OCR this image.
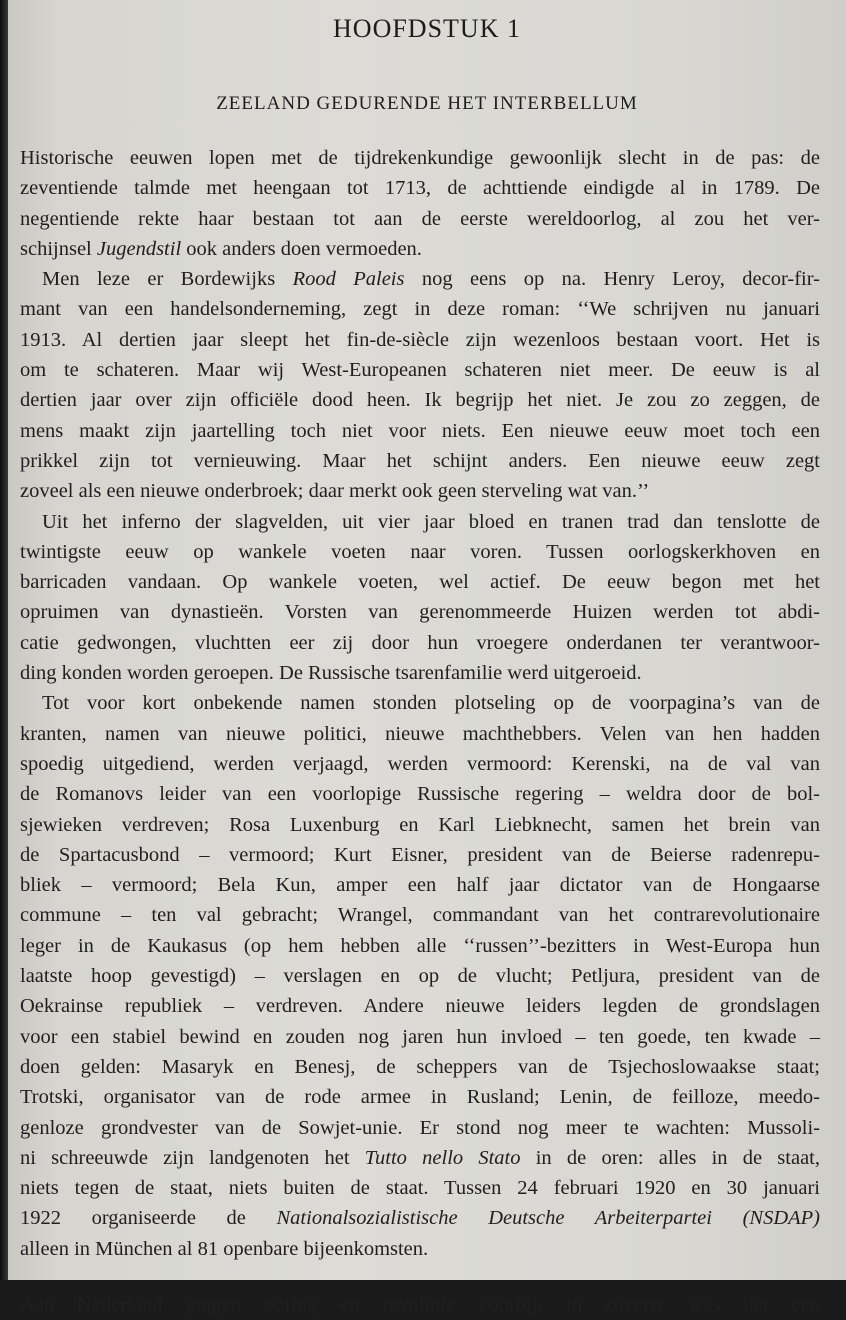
HOOFDSTUK 1
ZEELAND GEDURENDE HET INTERBELLUM
Historische eeuwen lopen met de tijdrekenkundige gewoonlijk slecht in de pas: de
zeventiende talmde met heengaan tot 1713, de achttiende eindigde al in 1789. De
negentiende rekte haar bestaan tot aan de eerste wereldoorlog, al zou het ver-
schijnsel Jugendstil ook anders doen vermoeden.
Men leze er Bordewijks Rood Paleis nog eens op na. Henry Leroy, decor-fir-
mant van een handelsonderneming, zegt in deze roman: ‘‘We schrijven nu januari
1913. Al dertien jaar sleept het fin-de-siècle zijn wezenloos bestaan voort. Het is
om te schateren. Maar wij West-Europeanen schateren niet meer. De eeuw is al
dertien jaar over zijn officiële dood heen. Ik begrijp het niet. Je zou zo zeggen, de
mens maakt zijn jaartelling toch niet voor niets. Een nieuwe eeuw moet toch een
prikkel zijn tot vernieuwing. Maar het schijnt anders. Een nieuwe eeuw zegt
zoveel als een nieuwe onderbroek; daar merkt ook geen sterveling wat van.’’
Uit het inferno der slagvelden, uit vier jaar bloed en tranen trad dan tenslotte de
twintigste eeuw op wankele voeten naar voren. Tussen oorlogskerkhoven en
barricaden vandaan. Op wankele voeten, wel actief. De eeuw begon met het
opruimen van dynastieën. Vorsten van gerenommeerde Huizen werden tot abdi-
catie gedwongen, vluchtten eer zij door hun vroegere onderdanen ter verantwoor-
ding konden worden geroepen. De Russische tsarenfamilie werd uitgeroeid.
Tot voor kort onbekende namen stonden plotseling op de voorpagina’s van de
kranten, namen van nieuwe politici, nieuwe machthebbers. Velen van hen hadden
spoedig uitgediend, werden verjaagd, werden vermoord: Kerenski, na de val van
de Romanovs leider van een voorlopige Russische regering – weldra door de bol-
sjewieken verdreven; Rosa Luxenburg en Karl Liebknecht, samen het brein van
de Spartacusbond – vermoord; Kurt Eisner, president van de Beierse radenrepu-
bliek – vermoord; Bela Kun, amper een half jaar dictator van de Hongaarse
commune – ten val gebracht; Wrangel, commandant van het contrarevolutionaire
leger in de Kaukasus (op hem hebben alle ‘‘russen’’-bezitters in West-Europa hun
laatste hoop gevestigd) – verslagen en op de vlucht; Petljura, president van de
Oekrainse republiek – verdreven. Andere nieuwe leiders legden de grondslagen
voor een stabiel bewind en zouden nog jaren hun invloed – ten goede, ten kwade –
doen gelden: Masaryk en Benesj, de scheppers van de Tsjechoslowaakse staat;
Trotski, organisator van de rode armee in Rusland; Lenin, de feilloze, meedo-
genloze grondvester van de Sowjet-unie. Er stond nog meer te wachten: Mussoli-
ni schreeuwde zijn landgenoten het Tutto nello Stato in de oren: alles in de staat,
niets tegen de staat, niets buiten de staat. Tussen 24 februari 1920 en 30 januari
1922 organiseerde de Nationalsozialistische Deutsche Arbeiterpartei (NSDAP)
alleen in München al 81 openbare bijeenkomsten.
Aan Nederland gingen oorlog en revolutie voorbij; in zoverre was het een
